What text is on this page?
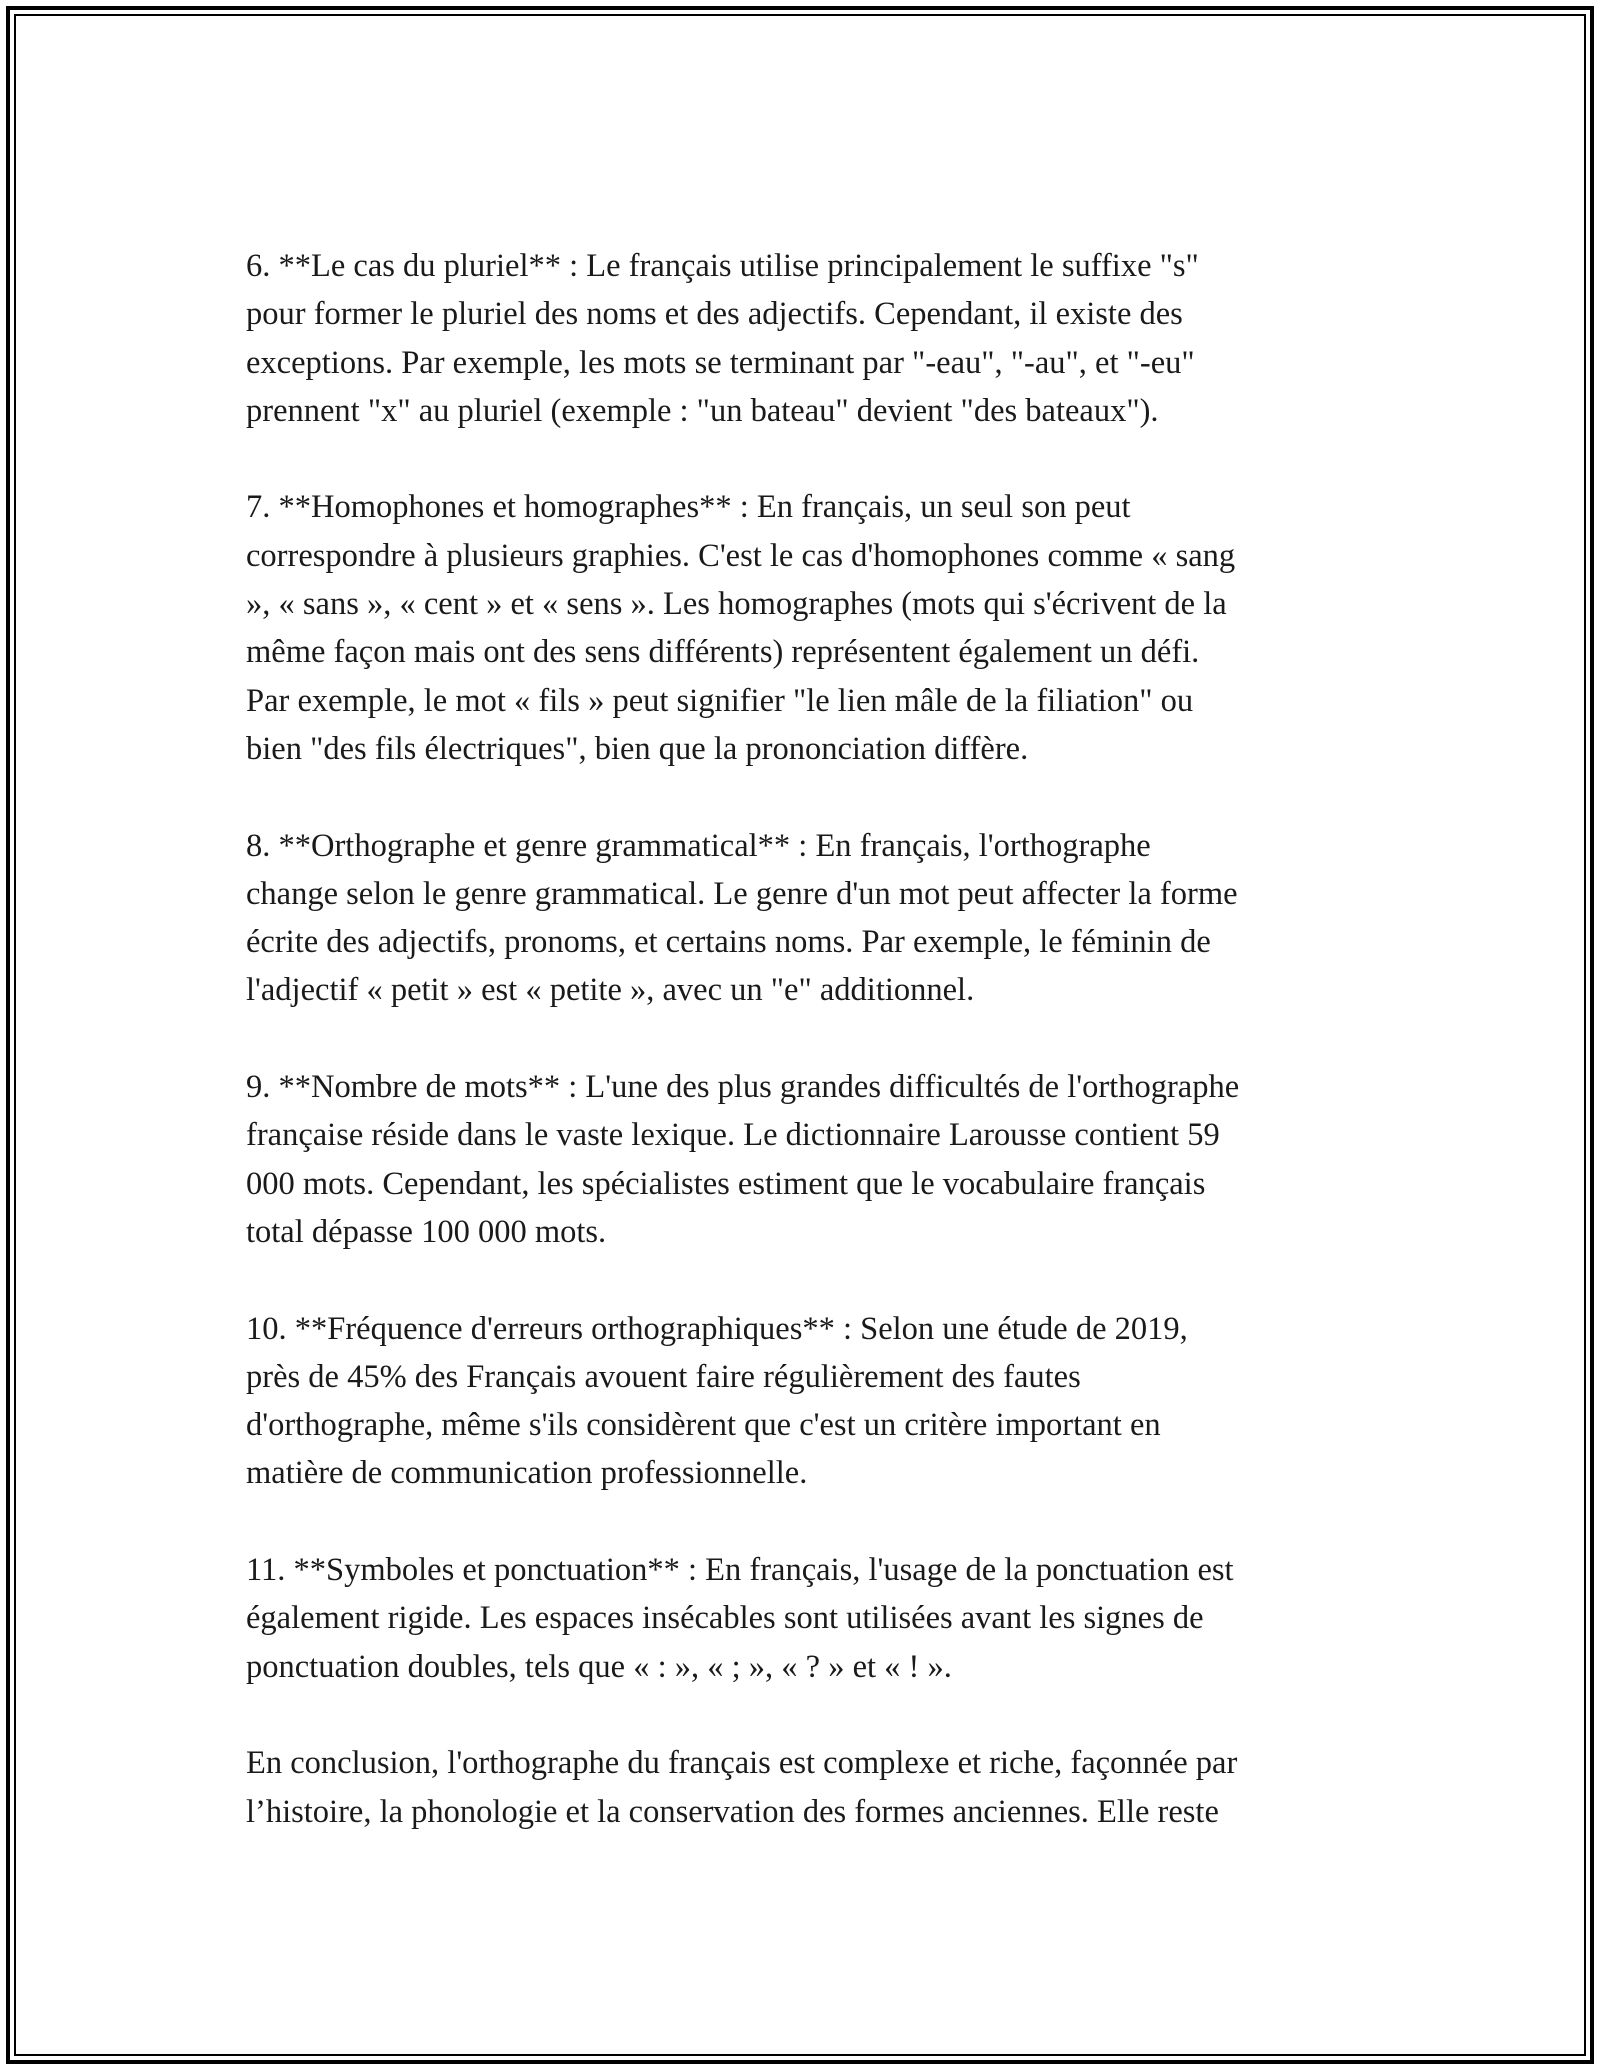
6. **Le cas du pluriel** : Le français utilise principalement le suffixe "s"
pour former le pluriel des noms et des adjectifs. Cependant, il existe des
exceptions. Par exemple, les mots se terminant par "-eau", "-au", et "-eu"
prennent "x" au pluriel (exemple : "un bateau" devient "des bateaux").

7. **Homophones et homographes** : En français, un seul son peut
correspondre à plusieurs graphies. C'est le cas d'homophones comme « sang
», « sans », « cent » et « sens ». Les homographes (mots qui s'écrivent de la
même façon mais ont des sens différents) représentent également un défi.
Par exemple, le mot « fils » peut signifier "le lien mâle de la filiation" ou
bien "des fils électriques", bien que la prononciation diffère.

8. **Orthographe et genre grammatical** : En français, l'orthographe
change selon le genre grammatical. Le genre d'un mot peut affecter la forme
écrite des adjectifs, pronoms, et certains noms. Par exemple, le féminin de
l'adjectif « petit » est « petite », avec un "e" additionnel.

9. **Nombre de mots** : L'une des plus grandes difficultés de l'orthographe
française réside dans le vaste lexique. Le dictionnaire Larousse contient 59
000 mots. Cependant, les spécialistes estiment que le vocabulaire français
total dépasse 100 000 mots.

10. **Fréquence d'erreurs orthographiques** : Selon une étude de 2019,
près de 45% des Français avouent faire régulièrement des fautes
d'orthographe, même s'ils considèrent que c'est un critère important en
matière de communication professionnelle.

11. **Symboles et ponctuation** : En français, l'usage de la ponctuation est
également rigide. Les espaces insécables sont utilisées avant les signes de
ponctuation doubles, tels que « : », « ; », « ? » et « ! ».

En conclusion, l'orthographe du français est complexe et riche, façonnée par
l’histoire, la phonologie et la conservation des formes anciennes. Elle reste
